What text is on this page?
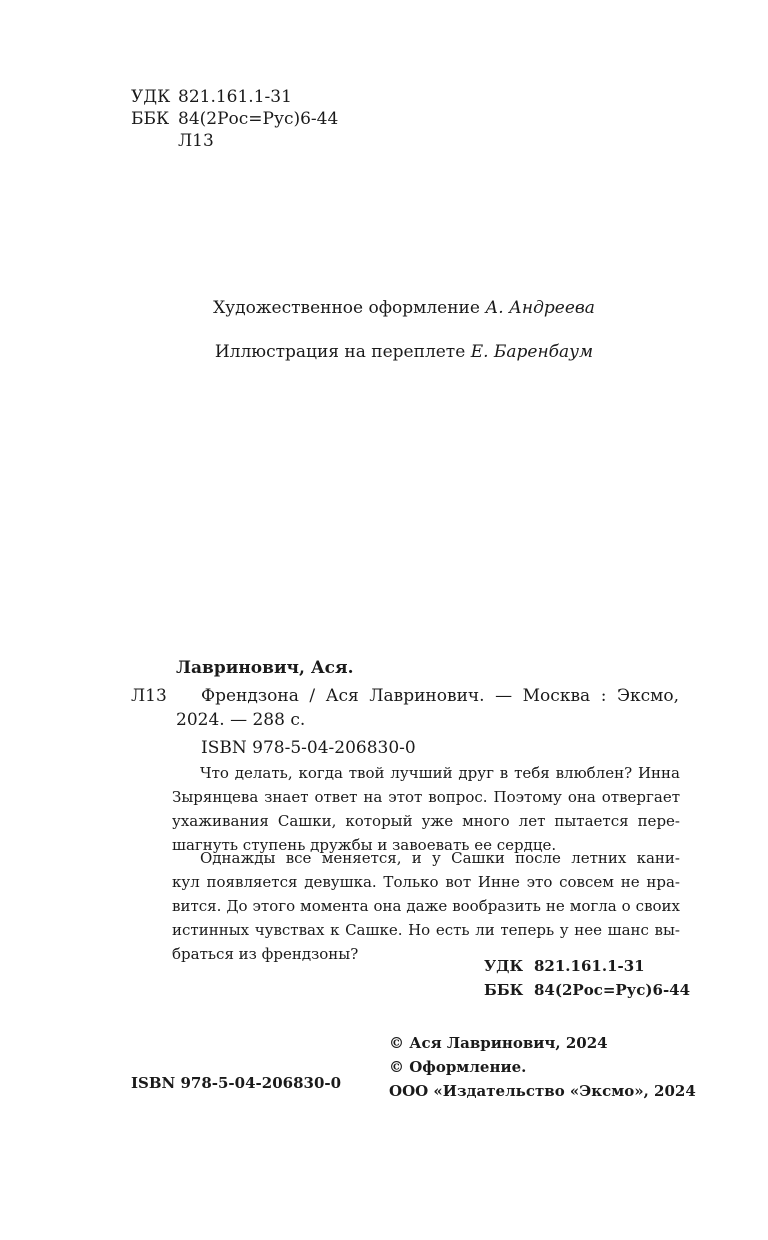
УДК 821.161.1-31
ББК 84(2Рос=Рус)6-44
Л13
Художественное оформление А. Андреева
Иллюстрация на переплете Е. Баренбаум
Лавринович, Ася.
Л13 Френдзона / Ася Лавринович. — Москва : Эксмо,
2024. — 288 с.
ISBN 978-5-04-206830-0
Что делать, когда твой лучший друг в тебя влюблен? Инна
Зырянцева знает ответ на этот вопрос. Поэтому она отвергает
ухаживания Сашки, который уже много лет пытается пере-
шагнуть ступень дружбы и завоевать ее сердце.
Однажды все меняется, и у Сашки после летних кани-
кул появляется девушка. Только вот Инне это совсем не нра-
вится. До этого момента она даже вообразить не могла о своих
истинных чувствах к Сашке. Но есть ли теперь у нее шанс вы-
браться из френдзоны?
УДК 821.161.1-31
ББК 84(2Рос=Рус)6-44
© Ася Лавринович, 2024
© Оформление.
ООО «Издательство «Эксмо», 2024
ISBN 978-5-04-206830-0
